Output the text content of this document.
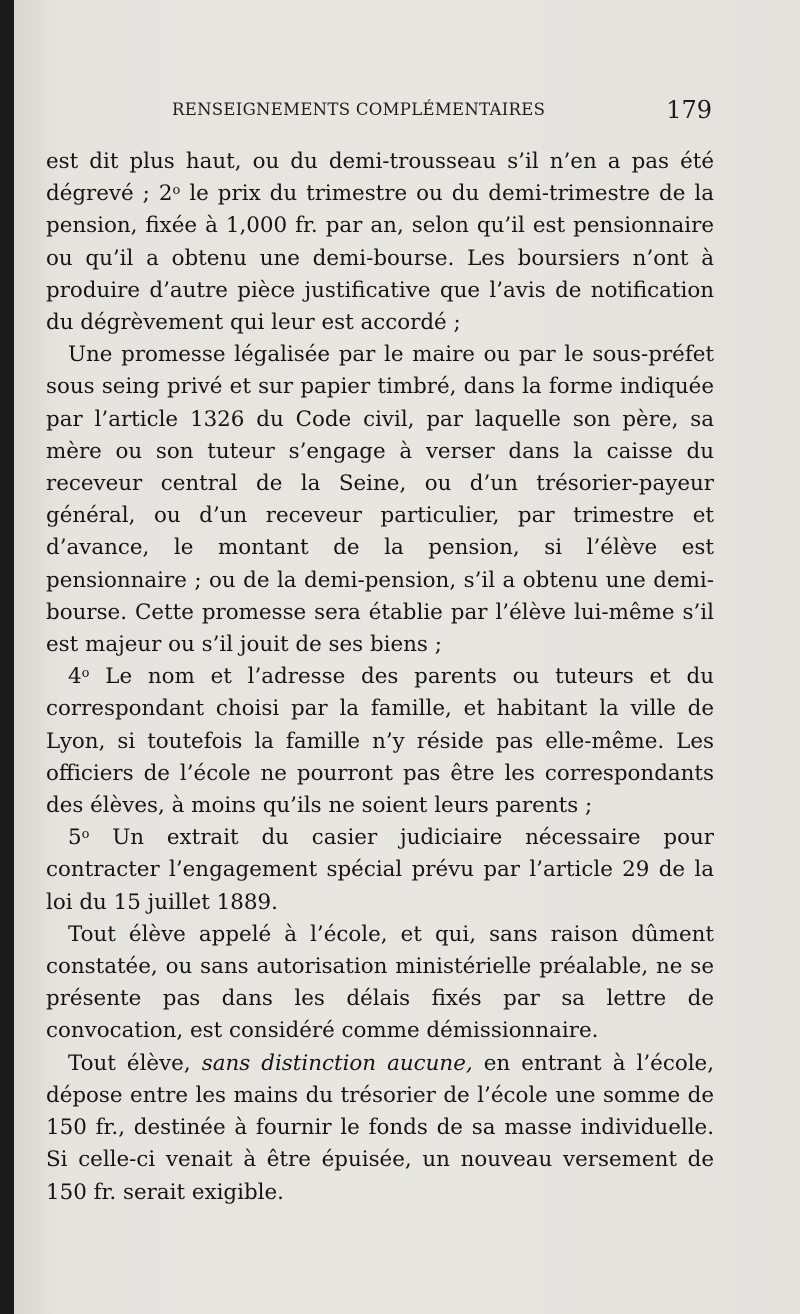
RENSEIGNEMENTS COMPLÉMENTAIRES	179

est dit plus haut, ou du demi-trousseau s’il n’en a pas été dégrevé ; 2$^o$ le prix du trimestre ou du demi-trimestre de la pension, fixée à 1,000 fr. par an, selon qu’il est pensionnaire ou qu’il a obtenu une demi-bourse. Les boursiers n’ont à produire d’autre pièce justificative que l’avis de notification du dégrèvement qui leur est accordé ;

Une promesse légalisée par le maire ou par le sous-préfet sous seing privé et sur papier timbré, dans la forme indiquée par l’article 1326 du Code civil, par laquelle son père, sa mère ou son tuteur s’engage à verser dans la caisse du receveur central de la Seine, ou d’un trésorier-payeur général, ou d’un receveur particulier, par trimestre et d’avance, le montant de la pension, si l’élève est pensionnaire ; ou de la demi-pension, s’il a obtenu une demi-bourse. Cette promesse sera établie par l’élève lui-même s’il est majeur ou s’il jouit de ses biens ;

4$^o$ Le nom et l’adresse des parents ou tuteurs et du correspondant choisi par la famille, et habitant la ville de Lyon, si toutefois la famille n’y réside pas elle-même. Les officiers de l’école ne pourront pas être les correspondants des élèves, à moins qu’ils ne soient leurs parents ;

5$^o$ Un extrait du casier judiciaire nécessaire pour contracter l’engagement spécial prévu par l’article 29 de la loi du 15 juillet 1889.

Tout élève appelé à l’école, et qui, sans raison dûment constatée, ou sans autorisation ministérielle préalable, ne se présente pas dans les délais fixés par sa lettre de convocation, est considéré comme démissionnaire.

Tout élève, sans distinction aucune, en entrant à l’école, dépose entre les mains du trésorier de l’école une somme de 150 fr., destinée à fournir le fonds de sa masse individuelle. Si celle-ci venait à être épuisée, un nouveau versement de 150 fr. serait exigible.
